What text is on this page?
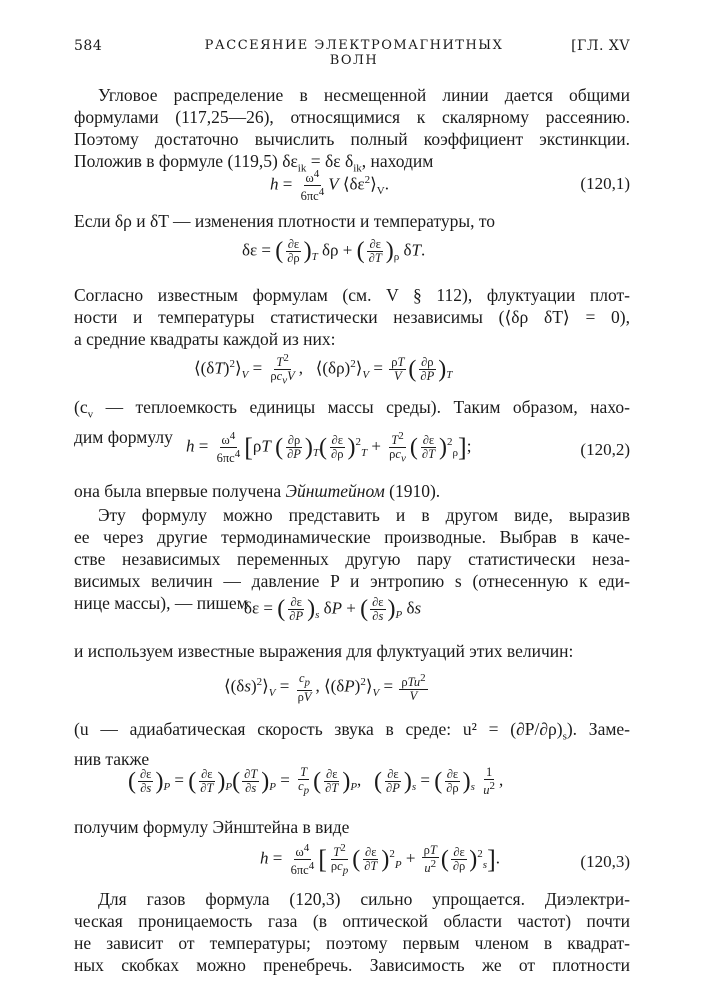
584	РАССЕЯНИЕ ЭЛЕКТРОМАГНИТНЫХ ВОЛН
[ГЛ. XV
Угловое распределение в несмещенной линии дается общими
формулами (117,25—26), относящимися к скалярному рассеянию.
Поэтому достаточно вычислить полный коэффициент экстинкции.
Положив в формуле (119,5) $\delta\varepsilon_{ik} = \delta\varepsilon$ $\delta_{ik}$, находим
$h = \frac{\omega^4}{6\pi c^4}$ V $⟨\delta\varepsilon^2⟩_V$.	(120,1)
Если δρ и δT — изменения плотности и температуры, то
δε = ( $\frac{\partial\varepsilon}{\partial\rho} )_T$ δρ + ( $\frac{\partial\varepsilon}{\partial T} )_\rho$ δT.
Согласно известным формулам (см. V § 112), флуктуации плот-
ности и температуры статистически независимы (⟨δρ δT⟩ = 0),
а средние квадраты каждой из них:
$⟨(\delta T)^2⟩_V = \frac{T^2}{\rho c_vV}$ ,   $⟨(\delta\rho)^2⟩_V = \frac{\rho T}{V}$ ( $\frac{\partial\rho}{\partial P} )_T$
($c_v$ — теплоемкость единицы массы среды). Таким образом, нахо-
дим формулу $h = \frac{\omega^4}{6\pi c^4} [\rho T$ ( $\frac{\partial\rho}{\partial P} )_T( \frac{\partial\varepsilon}{\partial\rho} )^2_T + \frac{T^2}{\rho c_v}$ ( $\frac{\partial\varepsilon}{\partial T} )^2_\rho$];	(120,2)
она была впервые получена Эйнштейном (1910).
Эту формулу можно представить и в другом виде, выразив
ее через другие термодинамические производные. Выбрав в каче-
стве независимых переменных другую пару статистически неза-
висимых величин — давление P и энтропию s (отнесенную к еди-
нице массы), — пишем
δε = ( $\frac{\partial\varepsilon}{\partial P} )_s$ δP + ( $\frac{\partial\varepsilon}{\partial s} )_P$ δs
и используем известные выражения для флуктуаций этих величин:
$⟨(\delta s)^2⟩_V = \frac{c_p}{\rho V}$ , $⟨(\delta P)^2⟩_V = \frac{\rho Tu^2}{V}$
(u — адиабатическая скорость звука в среде: $u^2 = (\partial P/\partial\rho)_s$). Заме-
нив также
( $\frac{\partial\varepsilon}{\partial s} )_P$ = ( $\frac{\partial\varepsilon}{\partial T} )_P( \frac{\partial T}{\partial s} )_P = \frac{T}{c_p}$ ( $\frac{\partial\varepsilon}{\partial T} )_P$,   ( $\frac{\partial\varepsilon}{\partial P} )_s$ = ( $\frac{\partial\varepsilon}{\partial\rho} )_s \frac{1}{u^2}$ ,
получим формулу Эйнштейна в виде
$h = \frac{\omega^4}{6\pi c^4}$ [ $\frac{T^2}{\rho c_p}$ ( $\frac{\partial\varepsilon}{\partial T} )^2_P + \frac{\rho T}{u^2}$ ( $\frac{\partial\varepsilon}{\partial\rho} )^2_s$].	(120,3)
Для газов формула (120,3) сильно упрощается. Диэлектри-
ческая проницаемость газа (в оптической области частот) почти
не зависит от температуры; поэтому первым членом в квадрат-
ных скобках можно пренебречь. Зависимость же от плотности
